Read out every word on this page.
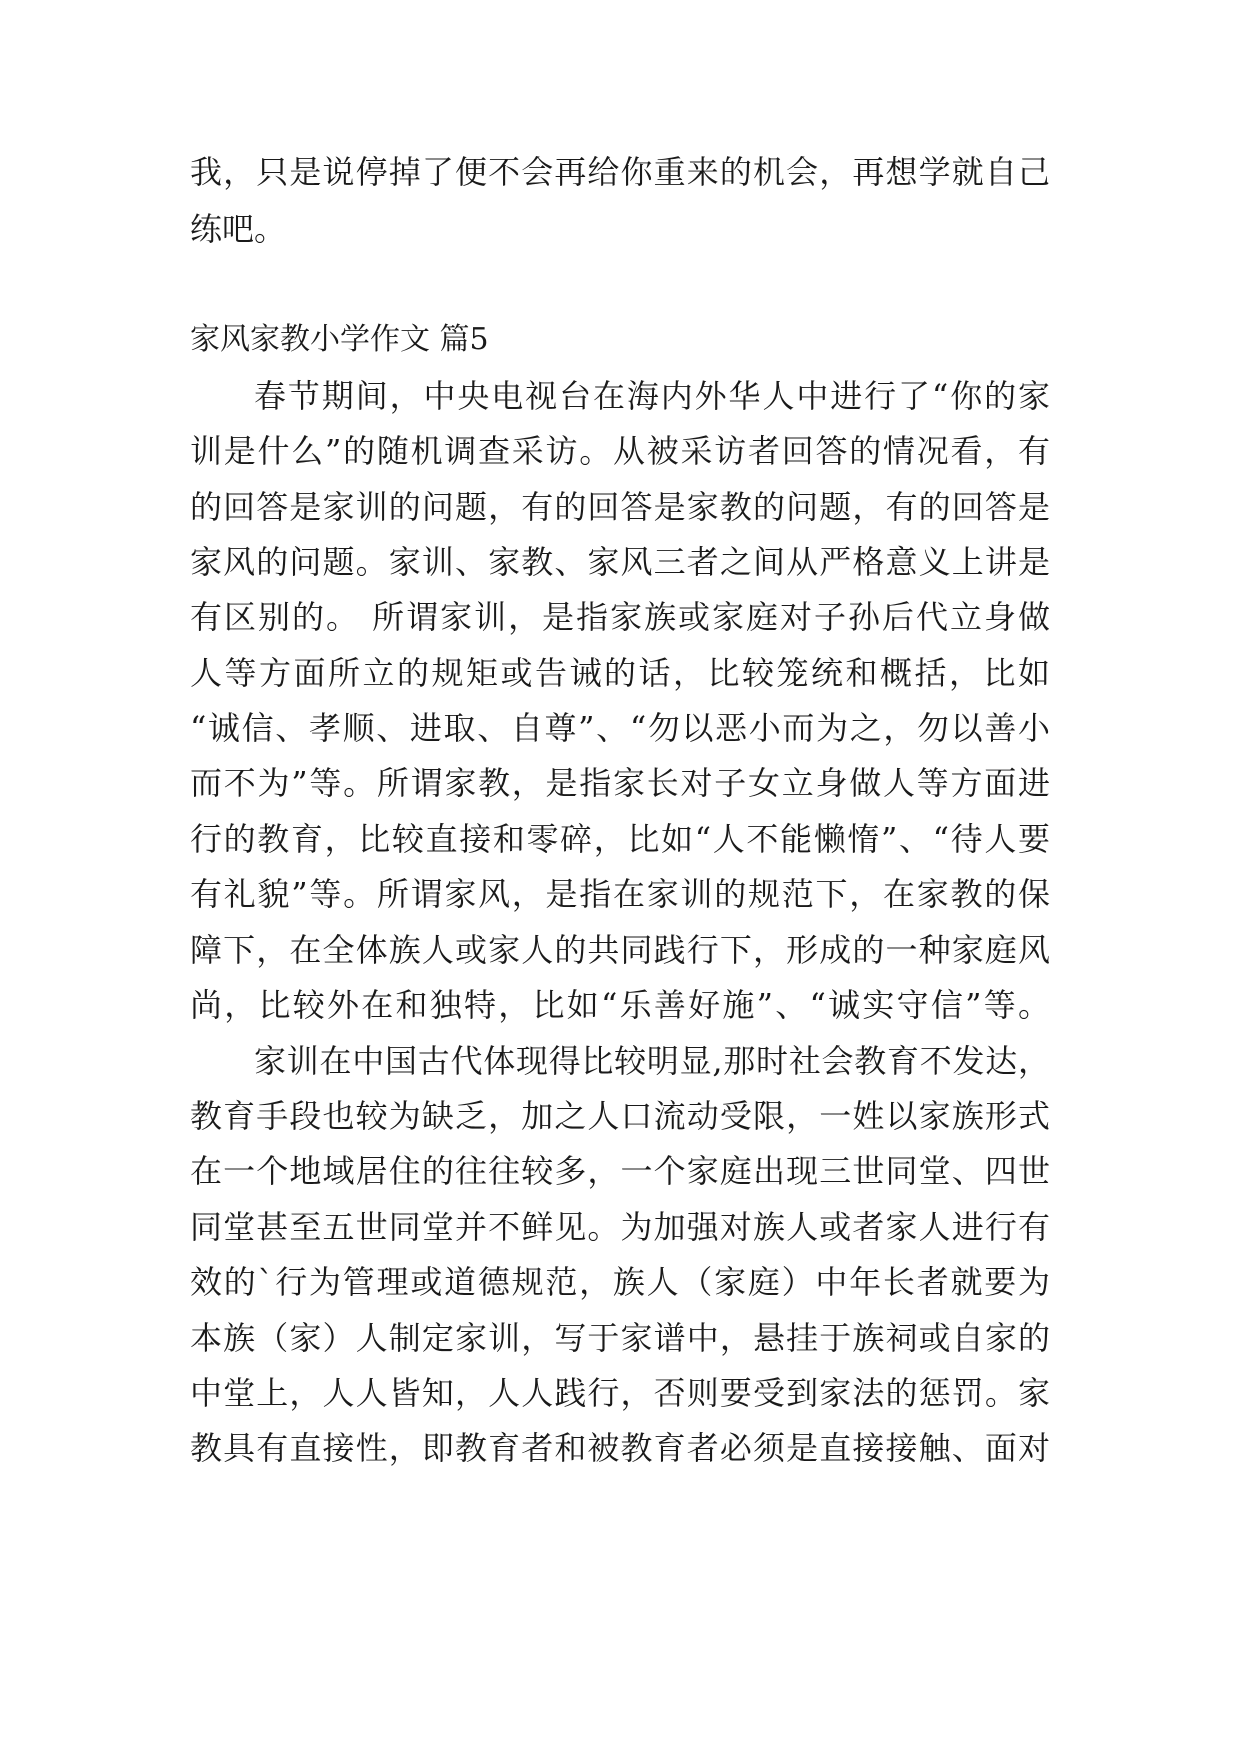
我，只是说停掉了便不会再给你重来的机会，再想学就自己
练吧。
家风家教小学作文 篇5
春节期间，中央电视台在海内外华人中进行了“你的家
训是什么”的随机调查采访。从被采访者回答的情况看，有
的回答是家训的问题，有的回答是家教的问题，有的回答是
家风的问题。家训、家教、家风三者之间从严格意义上讲是
有区别的。 所谓家训，是指家族或家庭对子孙后代立身做
人等方面所立的规矩或告诫的话，比较笼统和概括，比如
“诚信、孝顺、进取、自尊”、“勿以恶小而为之，勿以善小
而不为”等。所谓家教，是指家长对子女立身做人等方面进
行的教育，比较直接和零碎，比如“人不能懒惰”、“待人要
有礼貌”等。所谓家风，是指在家训的规范下，在家教的保
障下，在全体族人或家人的共同践行下，形成的一种家庭风
尚，比较外在和独特，比如“乐善好施”、“诚实守信”等。
家训在中国古代体现得比较明显,那时社会教育不发达，
教育手段也较为缺乏，加之人口流动受限，一姓以家族形式
在一个地域居住的往往较多，一个家庭出现三世同堂、四世
同堂甚至五世同堂并不鲜见。为加强对族人或者家人进行有
效的`行为管理或道德规范，族人（家庭）中年长者就要为
本族（家）人制定家训，写于家谱中，悬挂于族祠或自家的
中堂上，人人皆知，人人践行，否则要受到家法的惩罚。家
教具有直接性，即教育者和被教育者必须是直接接触、面对
